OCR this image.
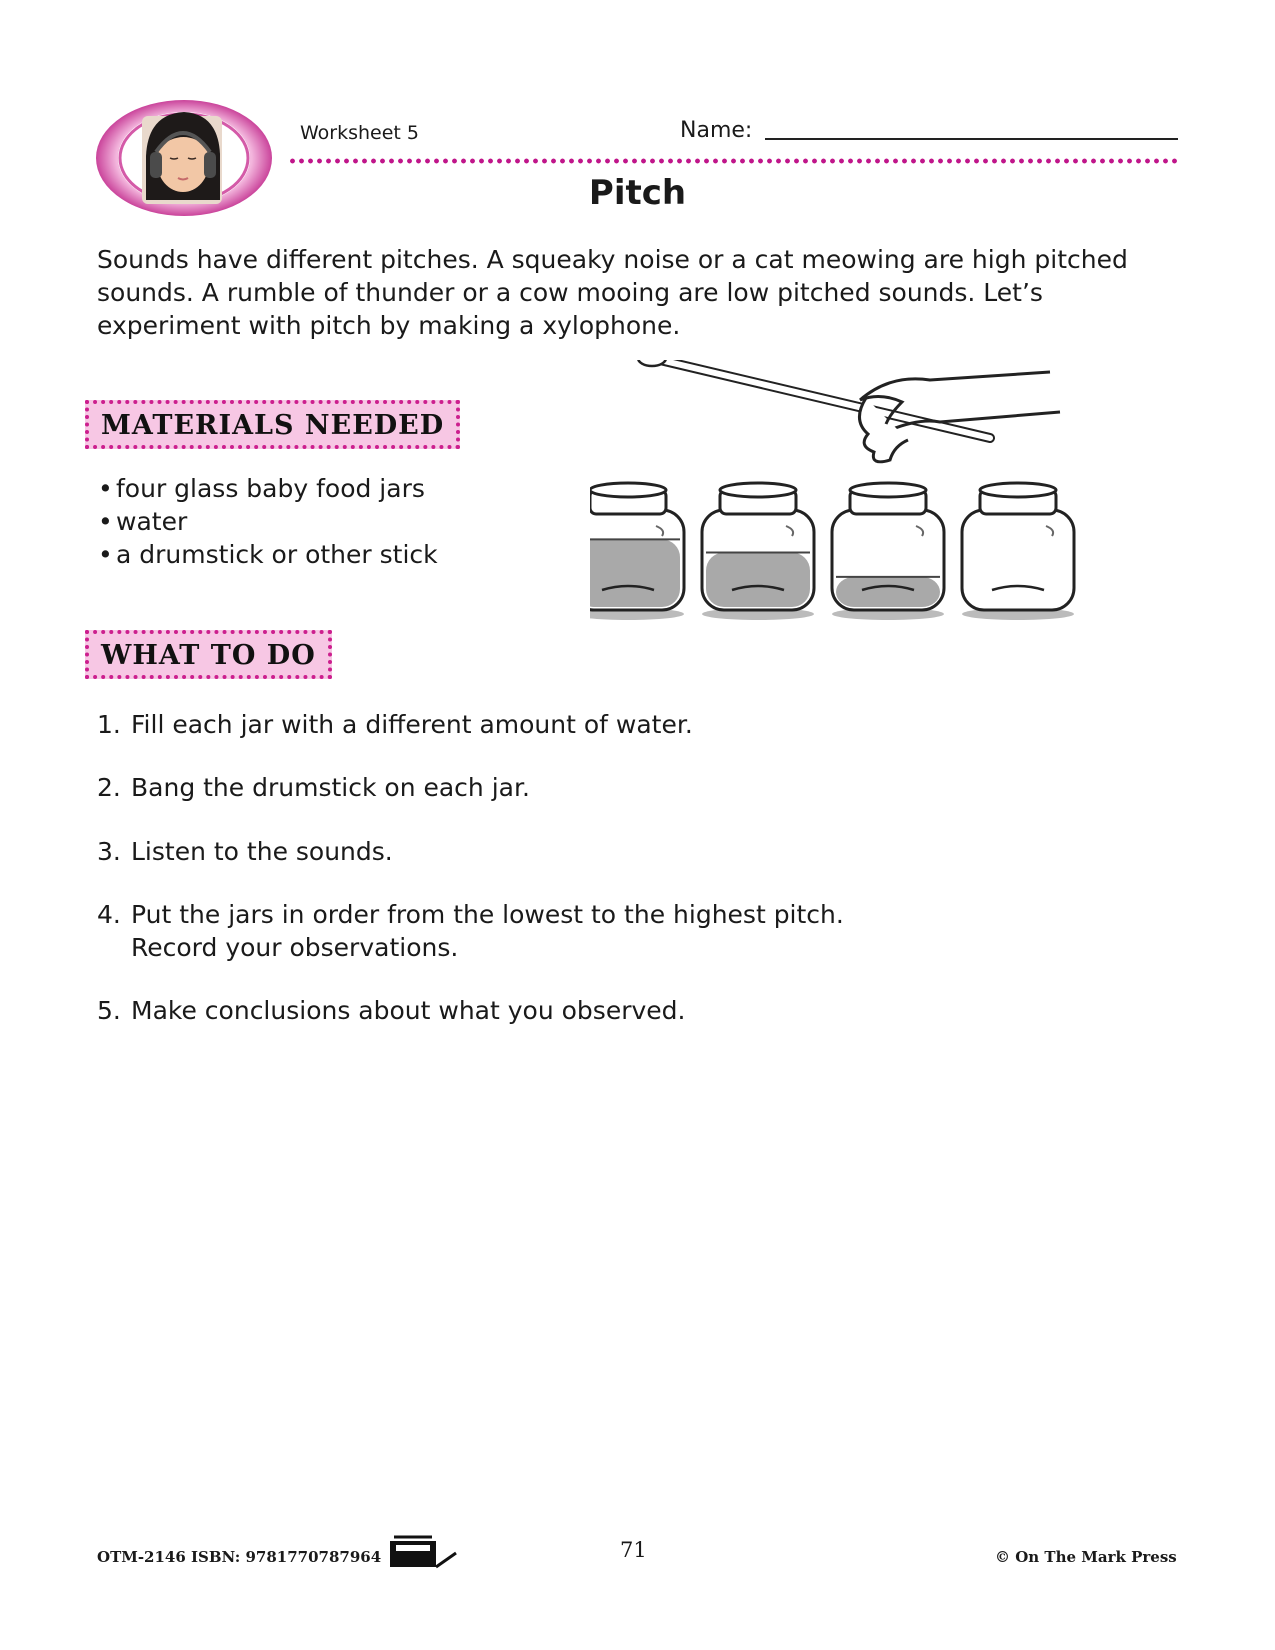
Worksheet 5	Name:
Pitch
Sounds have different pitches. A squeaky noise or a cat meowing are high pitched
sounds. A rumble of thunder or a cow mooing are low pitched sounds. Let’s
experiment with pitch by making a xylophone.
MATERIALS NEEDED
• four glass baby food jars
• water
• a drumstick or other stick
WHAT TO DO
1. Fill each jar with a different amount of water.
2. Bang the drumstick on each jar.
3. Listen to the sounds.
4. Put the jars in order from the lowest to the highest pitch.
Record your observations.
5. Make conclusions about what you observed.
OTM-2146 ISBN: 9781770787964	71	© On The Mark Press
